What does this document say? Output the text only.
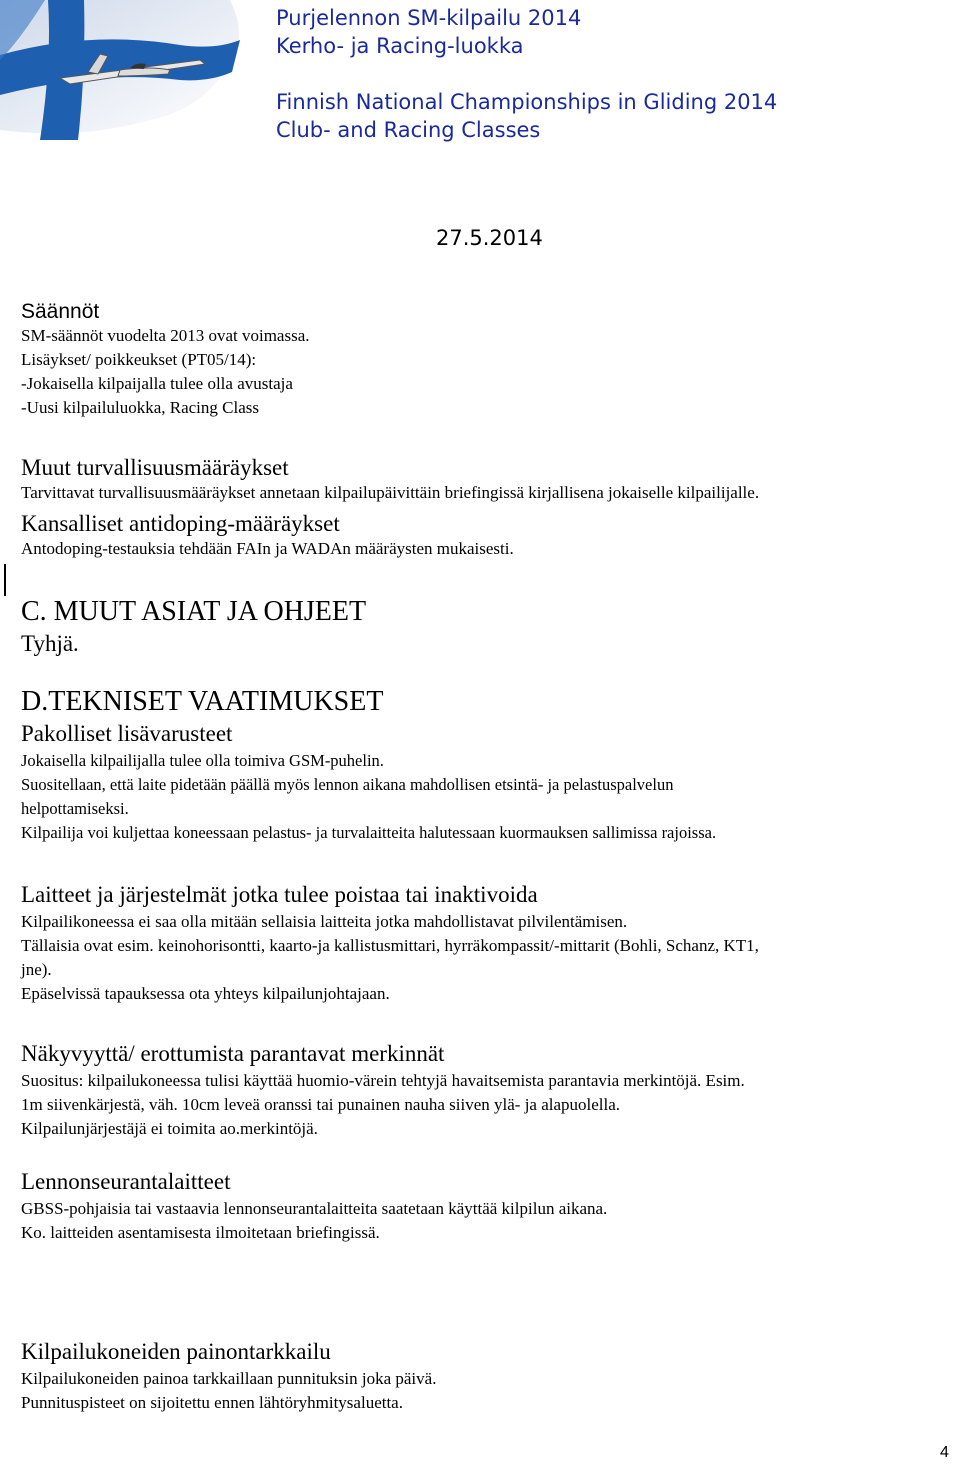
Purjelennon SM-kilpailu 2014
Kerho- ja Racing-luokka
Finnish National Championships in Gliding 2014
Club- and Racing Classes
27.5.2014
Säännöt
SM-säännöt vuodelta 2013 ovat voimassa.
Lisäykset/ poikkeukset (PT05/14):
-Jokaisella kilpaijalla tulee olla avustaja
-Uusi kilpailuluokka, Racing Class
Muut turvallisuusmääräykset
Tarvittavat turvallisuusmääräykset annetaan kilpailupäivittäin briefingissä kirjallisena jokaiselle kilpailijalle.
Kansalliset antidoping-määräykset
Antodoping-testauksia tehdään FAIn ja WADAn määräysten mukaisesti.
C. MUUT ASIAT JA OHJEET
Tyhjä.
D.TEKNISET VAATIMUKSET
Pakolliset lisävarusteet
Jokaisella kilpailijalla tulee olla toimiva GSM-puhelin.
Suositellaan, että laite pidetään päällä myös lennon aikana mahdollisen etsintä- ja pelastuspalvelun
helpottamiseksi.
Kilpailija voi kuljettaa koneessaan pelastus- ja turvalaitteita halutessaan kuormauksen sallimissa rajoissa.
Laitteet ja järjestelmät jotka tulee poistaa tai inaktivoida
Kilpailikoneessa ei saa olla mitään sellaisia laitteita jotka mahdollistavat pilvilentämisen.
Tällaisia ovat esim. keinohorisontti, kaarto-ja kallistusmittari, hyrräkompassit/-mittarit (Bohli, Schanz, KT1,
jne).
Epäselvissä tapauksessa ota yhteys kilpailunjohtajaan.
Näkyvyyttä/ erottumista parantavat merkinnät
Suositus: kilpailukoneessa tulisi käyttää huomio-värein tehtyjä havaitsemista parantavia merkintöjä. Esim.
1m siivenkärjestä, väh. 10cm leveä oranssi tai punainen nauha siiven ylä- ja alapuolella.
Kilpailunjärjestäjä ei toimita ao.merkintöjä.
Lennonseurantalaitteet
GBSS-pohjaisia tai vastaavia lennonseurantalaitteita saatetaan käyttää kilpilun aikana.
Ko. laitteiden asentamisesta ilmoitetaan briefingissä.
Kilpailukoneiden painontarkkailu
Kilpailukoneiden painoa tarkkaillaan punnituksin joka päivä.
Punnituspisteet on sijoitettu ennen lähtöryhmitysaluetta.
4
